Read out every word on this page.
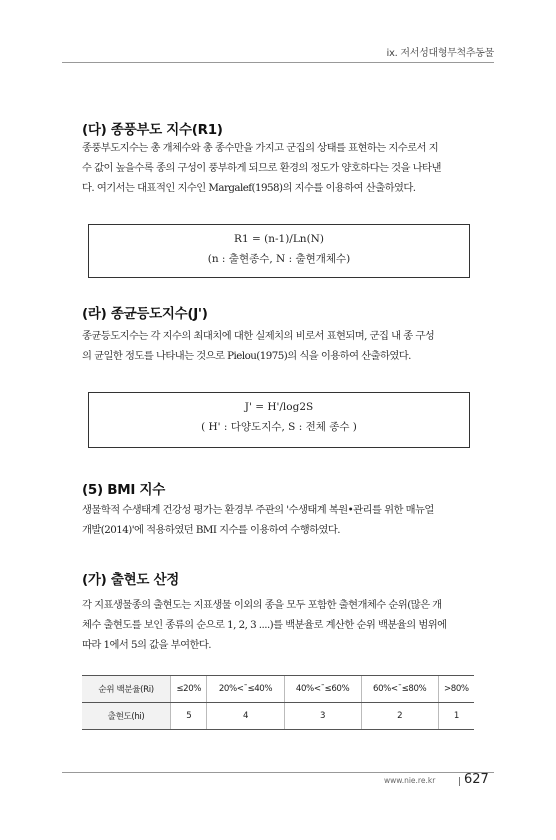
ix. 저서성대형무척추동물
(다) 종풍부도 지수(R1)
종풍부도지수는 총 개체수와 총 종수만을 가지고 군집의 상태를 표현하는 지수로서 지
수 값이 높을수록 종의 구성이 풍부하게 되므로 환경의 정도가 양호하다는 것을 나타낸
다. 여기서는 대표적인 지수인 Margalef(1958)의 지수를 이용하여 산출하였다.
R1 = (n-1)/Ln(N)
(n : 출현종수, N : 출현개체수)
(라) 종균등도지수(J')
종균등도지수는 각 지수의 최대치에 대한 실제치의 비로서 표현되며, 군집 내 종 구성
의 균일한 정도를 나타내는 것으로 Pielou(1975)의 식을 이용하여 산출하였다.
J' = H'/log2S
( H' : 다양도지수, S : 전체 종수 )
(5) BMI 지수
생물학적 수생태계 건강성 평가는 환경부 주관의 '수생태계 복원•관리를 위한 매뉴얼
개발(2014)'에 적용하였던 BMI 지수를 이용하여 수행하였다.
(가) 출현도 산정
각 지표생물종의 출현도는 지표생물 이외의 종을 모두 포함한 출현개체수 순위(많은 개
체수 출현도를 보인 종류의 순으로 1, 2, 3 ....)를 백분율로 계산한 순위 백분율의 범위에
따라 1에서 5의 값을 부여한다.
순위 백분율(Ri)	≤20%	20%<ˉ≤40%	40%<ˉ≤60%	60%<ˉ≤80%	>80%
출현도(hi)	5	4	3	2	1
www.nie.re.kr 627
